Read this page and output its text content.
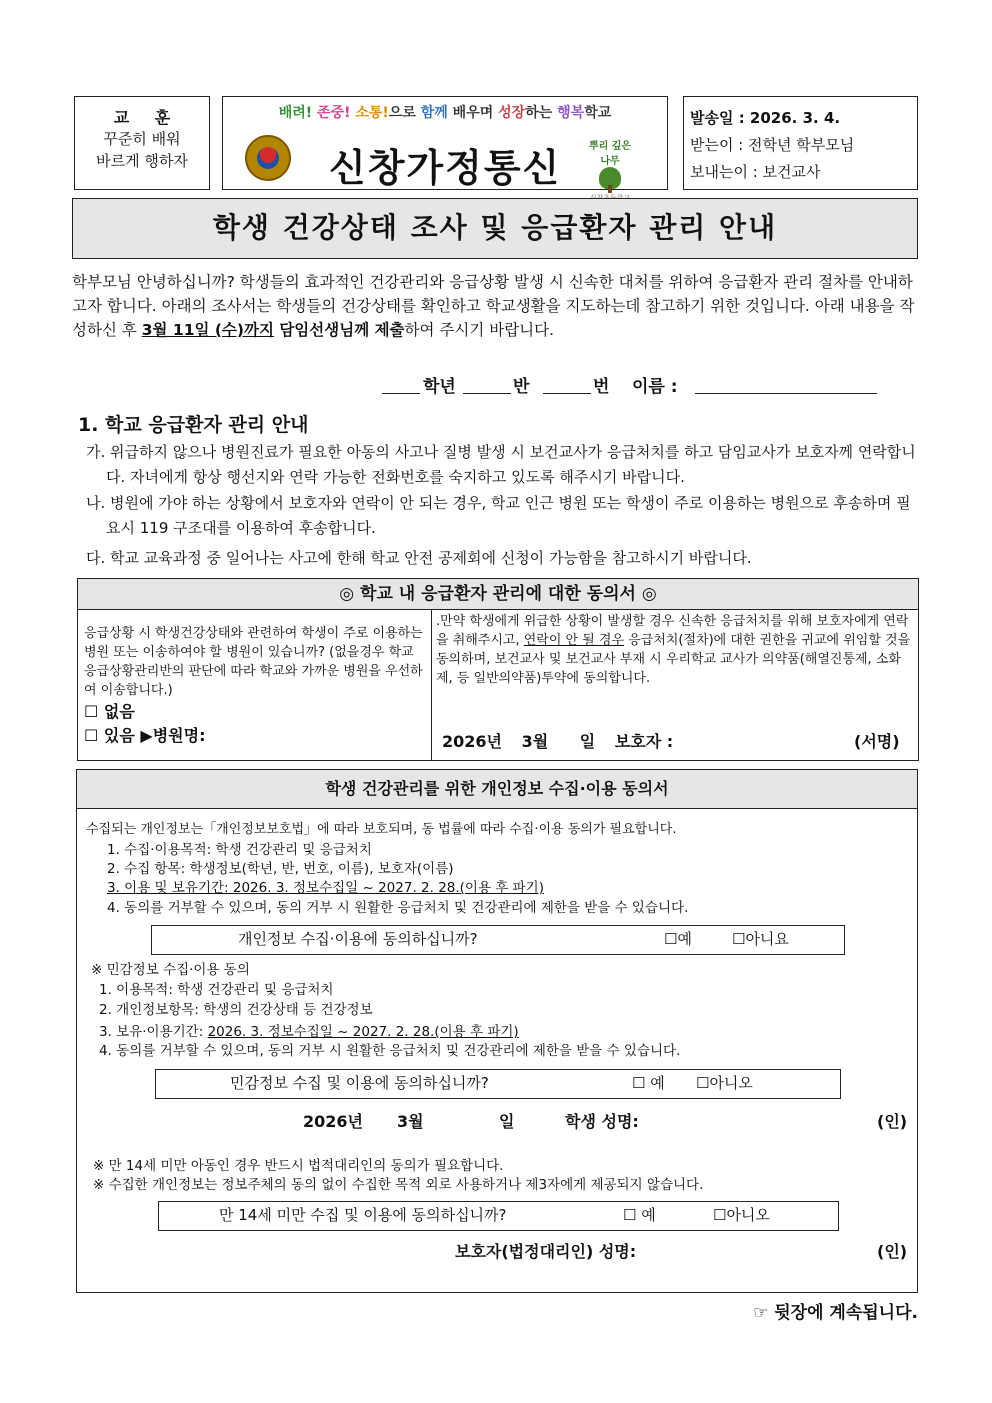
교 훈
꾸준히 배워
바르게 행하자
배려! 존중! 소통!으로 함께 배우며 성장하는 행복학교
신창가정통신	뿌리 깊은 나무
발송일 : 2026. 3. 4.
받는이 : 전학년 학부모님
보내는이 : 보건교사
학생 건강상태 조사 및 응급환자 관리 안내
학부모님 안녕하십니까? 학생들의 효과적인 건강관리와 응급상황 발생 시 신속한 대처를 위하여 응급환자 관리 절차를 안내하고자 합니다. 아래의 조사서는 학생들의 건강상태를 확인하고 학교생활을 지도하는데 참고하기 위한 것입니다. 아래 내용을 작성하신 후 3월 11일 (수)까지 담임선생님께 제출하여 주시기 바랍니다.
학년	반	번 이름 :
1. 학교 응급환자 관리 안내
가. 위급하지 않으나 병원진료가 필요한 아동의 사고나 질병 발생 시 보건교사가 응급처치를 하고 담임교사가 보호자께 연락합니다. 자녀에게 항상 행선지와 연락 가능한 전화번호를 숙지하고 있도록 해주시기 바랍니다.
나. 병원에 가야 하는 상황에서 보호자와 연락이 안 되는 경우, 학교 인근 병원 또는 학생이 주로 이용하는 병원으로 후송하며 필요시 119 구조대를 이용하여 후송합니다.
다. 학교 교육과정 중 일어나는 사고에 한해 학교 안전 공제회에 신청이 가능함을 참고하시기 바랍니다.
◎ 학교 내 응급환자 관리에 대한 동의서 ◎
응급상황 시 학생건강상태와 관련하여 학생이 주로 이용하는 병원 또는 이송하여야 할 병원이 있습니까? (없을경우 학교 응급상황관리반의 판단에 따라 학교와 가까운 병원을 우선하여 이송합니다.)
☐ 없음
☐ 있음 ▶병원명:
.만약 학생에게 위급한 상황이 발생할 경우 신속한 응급처치를 위해 보호자에게 연락을 취해주시고, 연락이 안 될 경우 응급처치(절차)에 대한 권한을 귀교에 위임할 것을 동의하며, 보건교사 및 보건교사 부재 시 우리학교 교사가 의약품(해열진통제, 소화제, 등 일반의약품)투약에 동의합니다.
2026년 3월 일 보호자 :	(서명)
학생 건강관리를 위한 개인정보 수집·이용 동의서
수집되는 개인정보는「개인정보보호법」에 따라 보호되며, 동 법률에 따라 수집·이용 동의가 필요합니다.
1. 수집·이용목적: 학생 건강관리 및 응급처치
2. 수집 항목: 학생정보(학년, 반, 번호, 이름), 보호자(이름)
3. 이용 및 보유기간: 2026. 3. 정보수집일 ~ 2027. 2. 28.(이용 후 파기)
4. 동의를 거부할 수 있으며, 동의 거부 시 원활한 응급처치 및 건강관리에 제한을 받을 수 있습니다.
개인정보 수집·이용에 동의하십니까?	☐예	☐아니요
※ 민감정보 수집·이용 동의
1. 이용목적: 학생 건강관리 및 응급처치
2. 개인정보항목: 학생의 건강상태 등 건강정보
3. 보유·이용기간: 2026. 3. 정보수집일 ~ 2027. 2. 28.(이용 후 파기)
4. 동의를 거부할 수 있으며, 동의 거부 시 원활한 응급처치 및 건강관리에 제한을 받을 수 있습니다.
민감정보 수집 및 이용에 동의하십니까?	☐ 예 ☐아니오
2026년 3월	일	학생 성명:	(인)
※ 만 14세 미만 아동인 경우 반드시 법적대리인의 동의가 필요합니다.
※ 수집한 개인정보는 정보주체의 동의 없이 수집한 목적 외로 사용하거나 제3자에게 제공되지 않습니다.
만 14세 미만 수집 및 이용에 동의하십니까?	☐ 예	☐아니오
보호자(법정대리인) 성명:	(인)
☞ 뒷장에 계속됩니다.
